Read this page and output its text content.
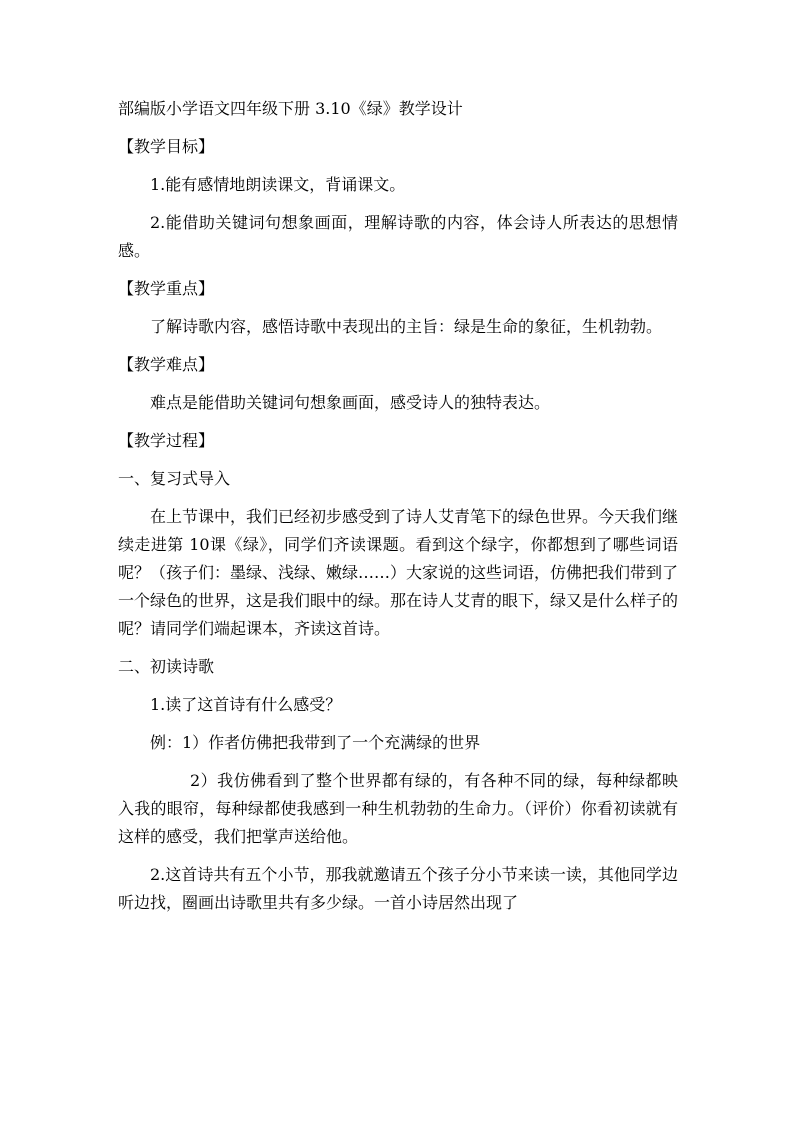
部编版小学语文四年级下册 3.10《绿》教学设计

【教学目标】

1.能有感情地朗读课文，背诵课文。

2.能借助关键词句想象画面，理解诗歌的内容，体会诗人所表达的思想情感。

【教学重点】

了解诗歌内容，感悟诗歌中表现出的主旨：绿是生命的象征，生机勃勃。

【教学难点】

难点是能借助关键词句想象画面，感受诗人的独特表达。

【教学过程】

一、复习式导入

在上节课中，我们已经初步感受到了诗人艾青笔下的绿色世界。今天我们继续走进第 10课《绿》，同学们齐读课题。看到这个绿字，你都想到了哪些词语呢？（孩子们：墨绿、浅绿、嫩绿……）大家说的这些词语，仿佛把我们带到了一个绿色的世界，这是我们眼中的绿。那在诗人艾青的眼下，绿又是什么样子的呢？请同学们端起课本，齐读这首诗。

二、初读诗歌

1.读了这首诗有什么感受？

例：1）作者仿佛把我带到了一个充满绿的世界

2）我仿佛看到了整个世界都有绿的，有各种不同的绿，每种绿都映入我的眼帘，每种绿都使我感到一种生机勃勃的生命力。（评价）你看初读就有这样的感受，我们把掌声送给他。

2.这首诗共有五个小节，那我就邀请五个孩子分小节来读一读，其他同学边听边找，圈画出诗歌里共有多少绿。一首小诗居然出现了
